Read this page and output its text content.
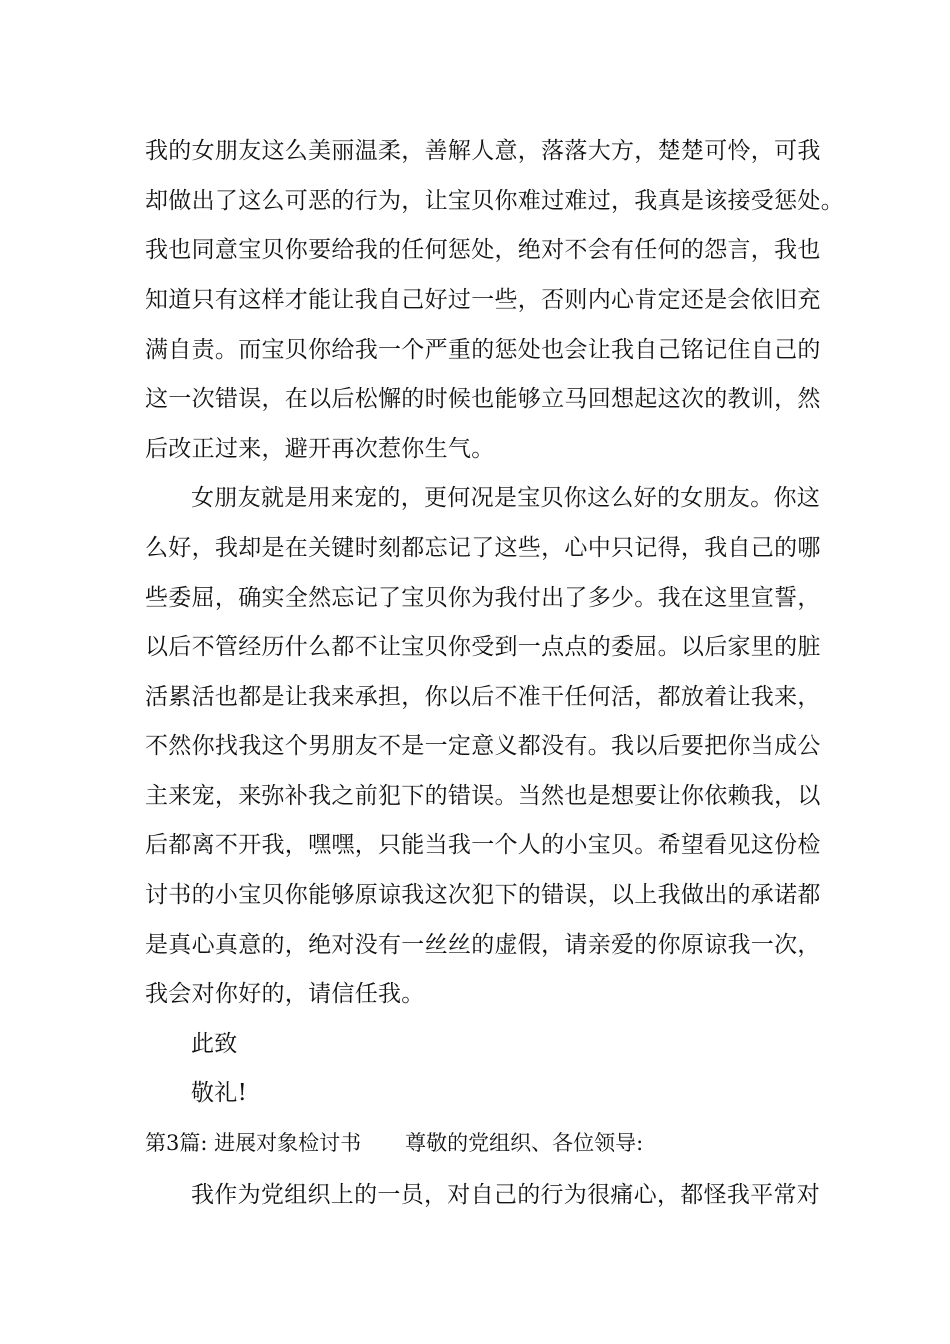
我的女朋友这么美丽温柔，善解人意，落落大方，楚楚可怜，可我
却做出了这么可恶的行为，让宝贝你难过难过，我真是该接受惩处。
我也同意宝贝你要给我的任何惩处，绝对不会有任何的怨言，我也
知道只有这样才能让我自己好过一些，否则内心肯定还是会依旧充
满自责。而宝贝你给我一个严重的惩处也会让我自己铭记住自己的
这一次错误，在以后松懈的时候也能够立马回想起这次的教训，然
后改正过来，避开再次惹你生气。
女朋友就是用来宠的，更何况是宝贝你这么好的女朋友。你这
么好，我却是在关键时刻都忘记了这些，心中只记得，我自己的哪
些委屈，确实全然忘记了宝贝你为我付出了多少。我在这里宣誓，
以后不管经历什么都不让宝贝你受到一点点的委屈。以后家里的脏
活累活也都是让我来承担，你以后不准干任何活，都放着让我来，
不然你找我这个男朋友不是一定意义都没有。我以后要把你当成公
主来宠，来弥补我之前犯下的错误。当然也是想要让你依赖我，以
后都离不开我，嘿嘿，只能当我一个人的小宝贝。希望看见这份检
讨书的小宝贝你能够原谅我这次犯下的错误，以上我做出的承诺都
是真心真意的，绝对没有一丝丝的虚假，请亲爱的你原谅我一次，
我会对你好的，请信任我。
此致
敬礼!
第3篇: 进展对象检讨书 尊敬的党组织、各位领导:
我作为党组织上的一员，对自己的行为很痛心，都怪我平常对
